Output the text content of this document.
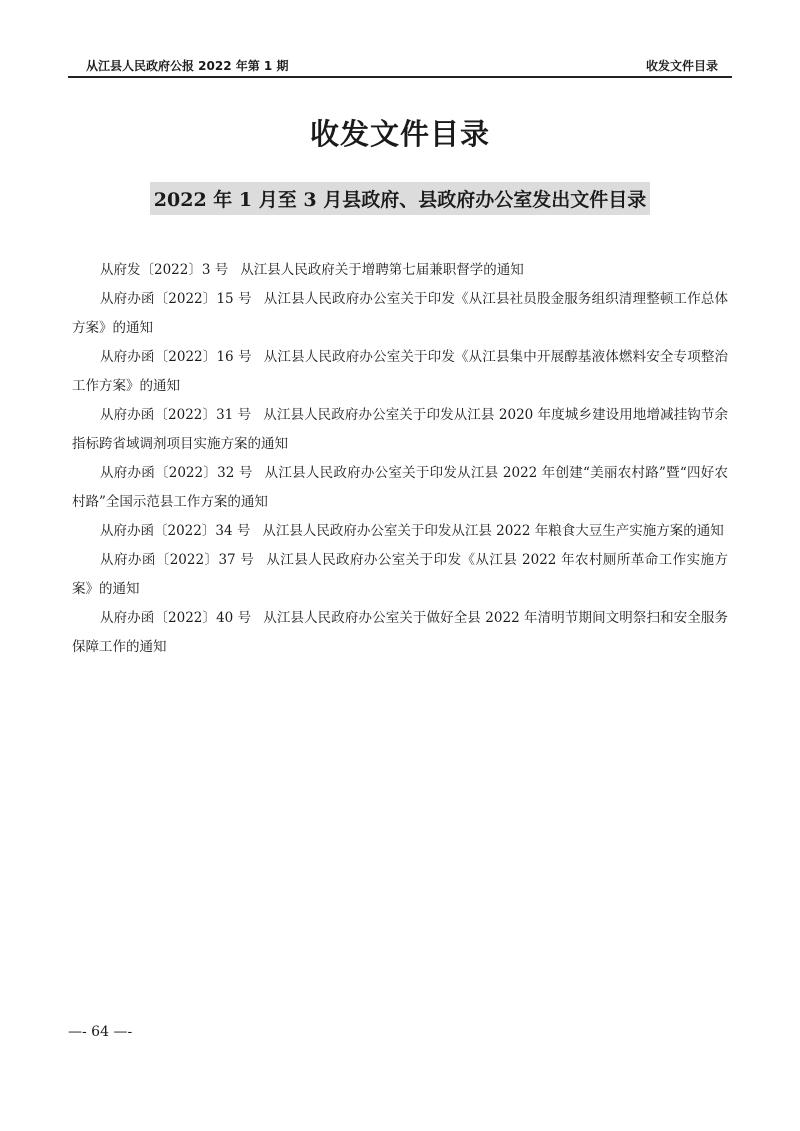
从江县人民政府公报 2022 年第 1 期	收发文件目录
收发文件目录
2022 年 1 月至 3 月县政府、县政府办公室发出文件目录

从府发〔2022〕3 号 从江县人民政府关于增聘第七届兼职督学的通知

从府办函〔2022〕15 号 从江县人民政府办公室关于印发《从江县社员股金服务组织清理整顿工作总体方案》的通知

从府办函〔2022〕16 号 从江县人民政府办公室关于印发《从江县集中开展醇基液体燃料安全专项整治工作方案》的通知

从府办函〔2022〕31 号 从江县人民政府办公室关于印发从江县 2020 年度城乡建设用地增减挂钩节余指标跨省域调剂项目实施方案的通知

从府办函〔2022〕32 号 从江县人民政府办公室关于印发从江县 2022 年创建“美丽农村路”暨“四好农村路”全国示范县工作方案的通知

从府办函〔2022〕34 号 从江县人民政府办公室关于印发从江县 2022 年粮食大豆生产实施方案的通知

从府办函〔2022〕37 号 从江县人民政府办公室关于印发《从江县 2022 年农村厕所革命工作实施方案》的通知

从府办函〔2022〕40 号 从江县人民政府办公室关于做好全县 2022 年清明节期间文明祭扫和安全服务保障工作的通知

—- 64 —-
